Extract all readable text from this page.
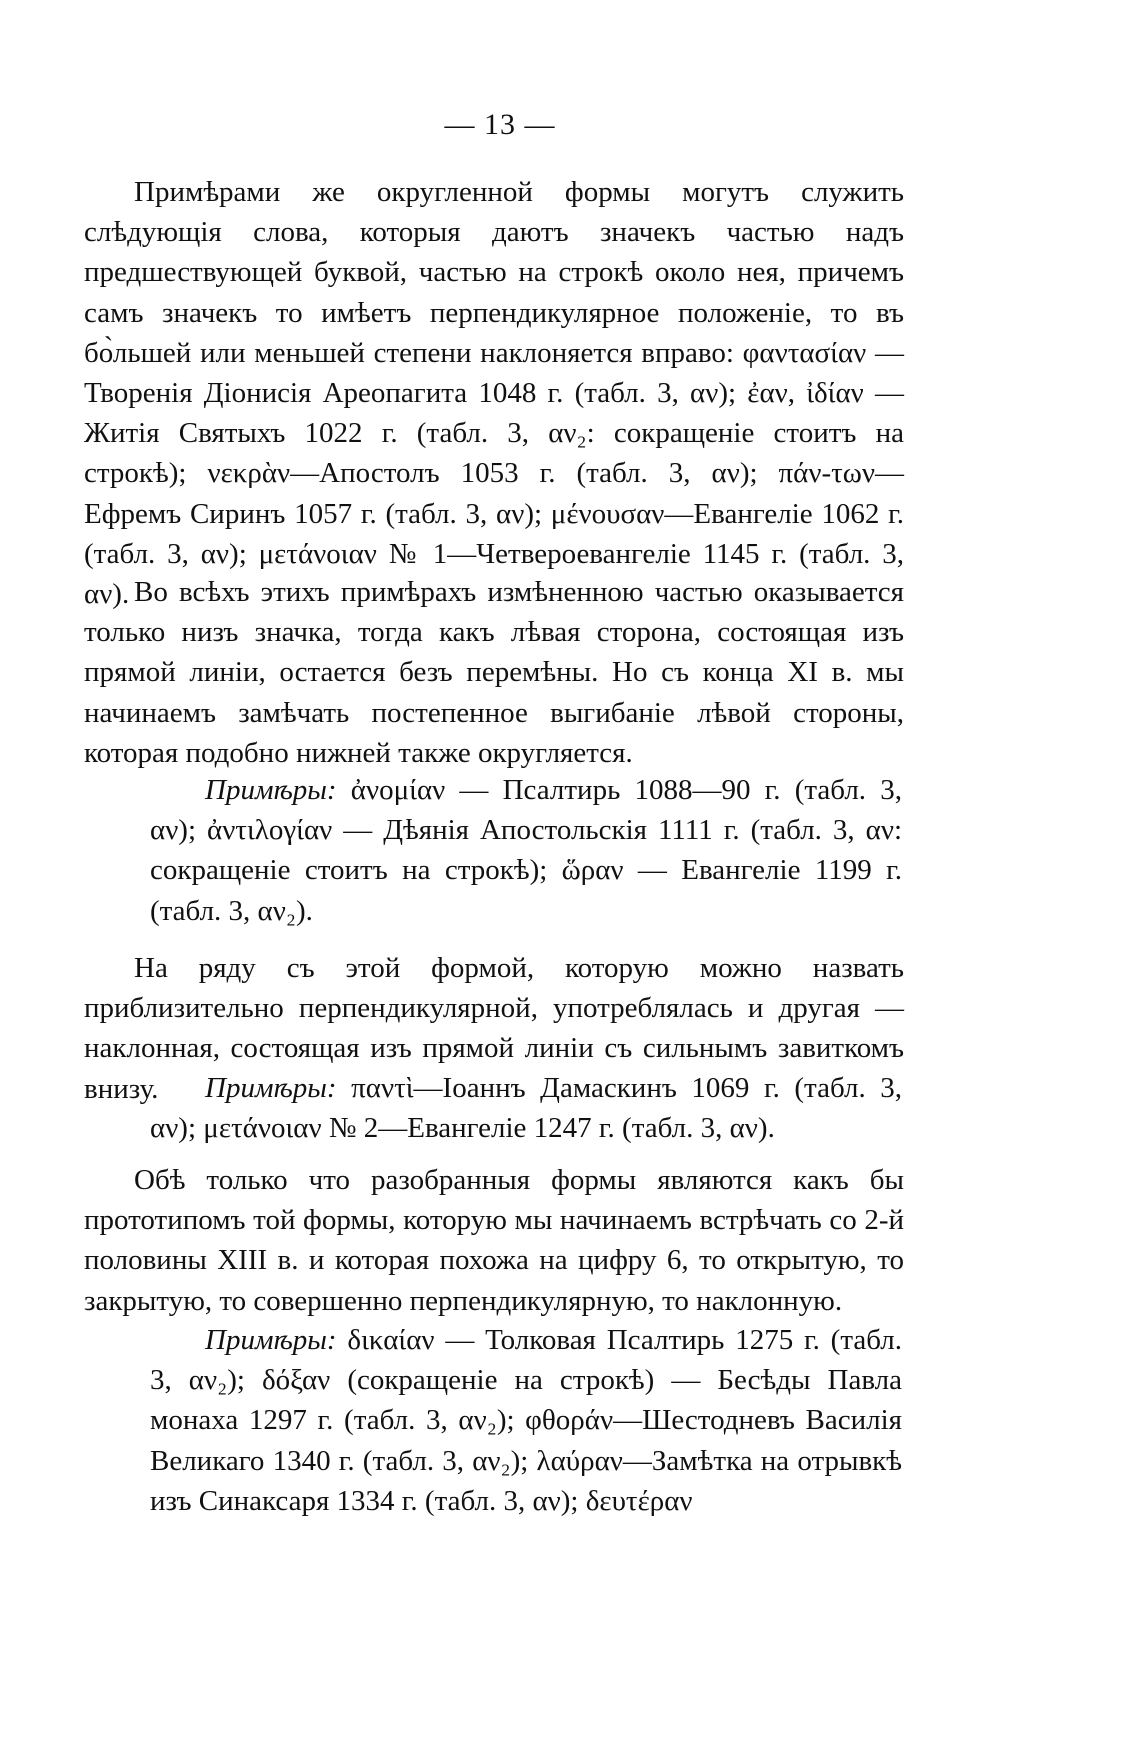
— 13 —

Примѣрами же округленной формы могутъ служить слѣдующія слова, которыя даютъ значекъ частью надъ предшествующей буквой, частью на строкѣ около нея, причемъ самъ значекъ то имѣетъ перпендикулярное положеніе, то въ бо̀льшей или меньшей степени наклоняется вправо: φαντασίαν — Творенія Діонисія Ареопагита 1048 г. (табл. 3, αν); ἐαν, ἰδίαν — Житія Святыхъ 1022 г. (табл. 3, αν₂: сокращеніе стоитъ на строкѣ); νεκρὰν—Апостолъ 1053 г. (табл. 3, αν); πάν-των—Ефремъ Сиринъ 1057 г. (табл. 3, αν); μένουσαν—Евангеліе 1062 г. (табл. 3, αν); μετάνοιαν № 1—Четвероевангеліе 1145 г. (табл. 3, αν). Во всѣхъ этихъ примѣрахъ измѣненною частью оказывается только низъ значка, тогда какъ лѣвая сторона, состоящая изъ прямой линіи, остается безъ перемѣны. Но съ конца XI в. мы начинаемъ замѣчать постепенное выгибаніе лѣвой стороны, которая подобно нижней также округляется.

Примѣры: ἀνομίαν — Псалтирь 1088—90 г. (табл. 3, αν); ἀντιλογίαν — Дѣянія Апостольскія 1111 г. (табл. 3, αν: сокращеніе стоитъ на строкѣ); ὥραν — Евангеліе 1199 г. (табл. 3, αν₂).

На ряду съ этой формой, которую можно назвать приблизительно перпендикулярной, употреблялась и другая — наклонная, состоящая изъ прямой линіи съ сильнымъ завиткомъ внизу.	Примѣры: παντὶ—Іоаннъ Дамаскинъ 1069 г. (табл. 3, αν); μετάνοιαν № 2—Евангеліе 1247 г. (табл. 3, αν).

Обѣ только что разобранныя формы являются какъ бы прототипомъ той формы, которую мы начинаемъ встрѣчать со 2-й половины XIII в. и которая похожа на цифру 6, то открытую, то закрытую, то совершенно перпендикулярную, то наклонную.

Примѣры: δικαίαν — Толковая Псалтирь 1275 г. (табл. 3, αν₂); δόξαν (сокращеніе на строкѣ) — Бесѣды Павла монаха 1297 г. (табл. 3, αν₂); φθοράν—Шестодневъ Василія Великаго 1340 г. (табл. 3, αν₂); λαύραν—Замѣтка на отрывкѣ изъ Синаксаря 1334 г. (табл. 3, αν); δευτέραν
